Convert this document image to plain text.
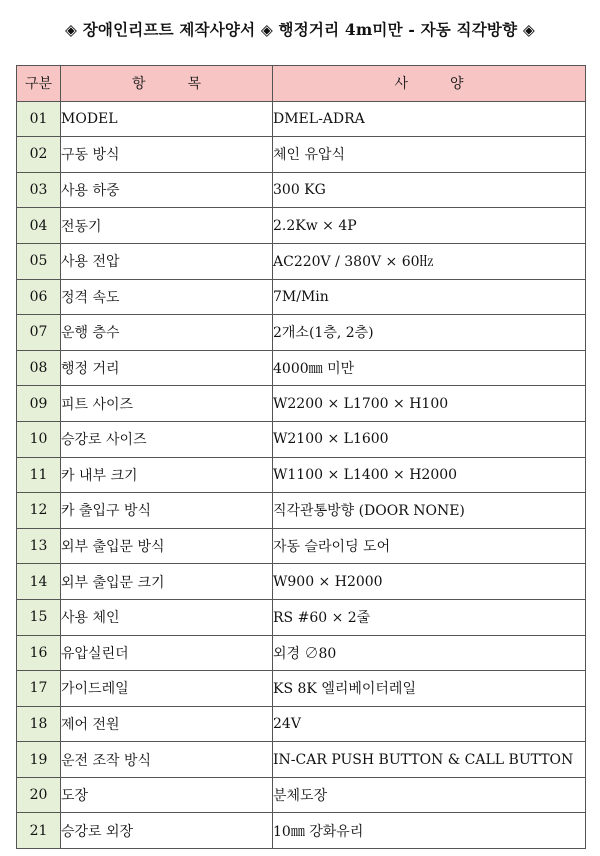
◈ 장애인리프트 제작사양서 ◈ 행정거리 4m미만 - 자동 직각방향 ◈
구분	항　　　목	사　　　양
01	MODEL	DMEL-ADRA
02	구동 방식	체인 유압식
03	사용 하중	300 KG
04	전동기	2.2Kw × 4P
05	사용 전압	AC220V / 380V × 60㎐
06	정격 속도	7M/Min
07	운행 층수	2개소(1층, 2층)
08	행정 거리	4000㎜ 미만
09	피트 사이즈	W2200 × L1700 × H100
10	승강로 사이즈	W2100 × L1600
11	카 내부 크기	W1100 × L1400 × H2000
12	카 출입구 방식	직각관통방향 (DOOR NONE)
13	외부 출입문 방식	자동 슬라이딩 도어
14	외부 출입문 크기	W900 × H2000
15	사용 체인	RS #60 × 2줄
16	유압실린더	외경 ∅80
17	가이드레일	KS 8K 엘리베이터레일
18	제어 전원	24V
19	운전 조작 방식	IN-CAR PUSH BUTTON & CALL BUTTON
20	도장	분체도장
21	승강로 외장	10㎜ 강화유리
